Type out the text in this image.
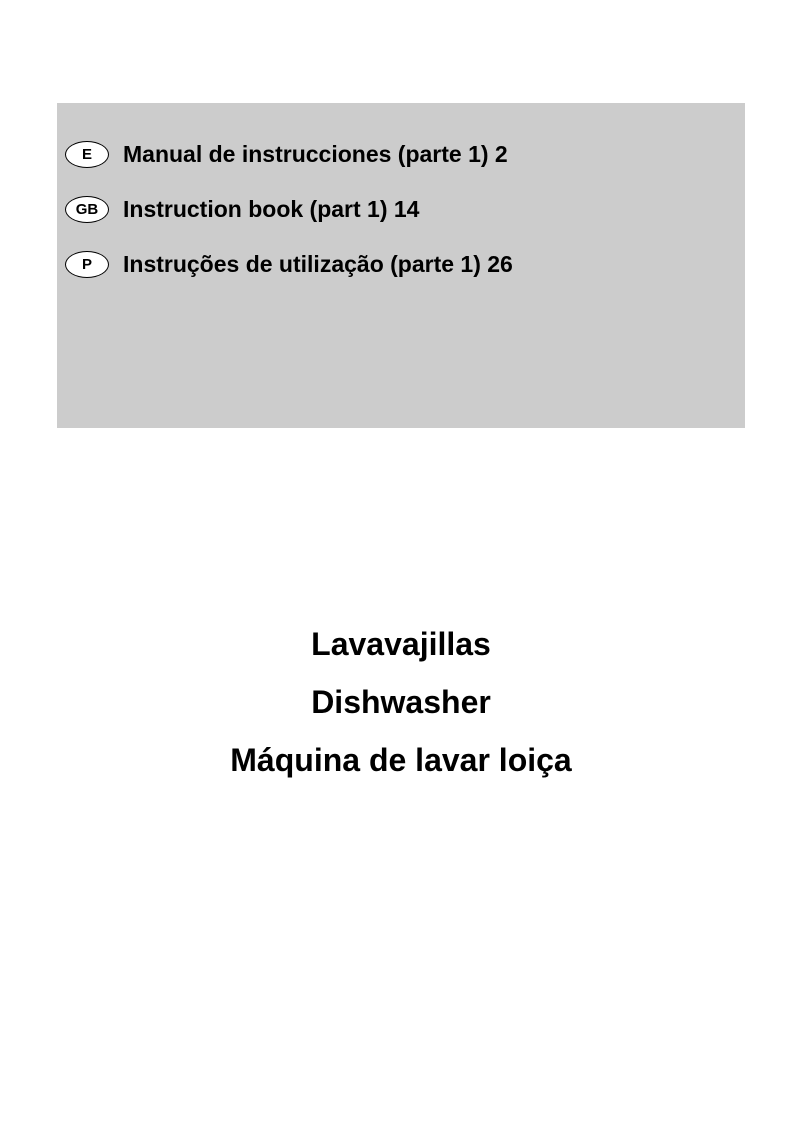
E	Manual de instrucciones (parte 1) 2
GB	Instruction book (part 1) 14
P	Instruções de utilização (parte 1) 26
Lavavajillas
Dishwasher
Máquina de lavar loiça
